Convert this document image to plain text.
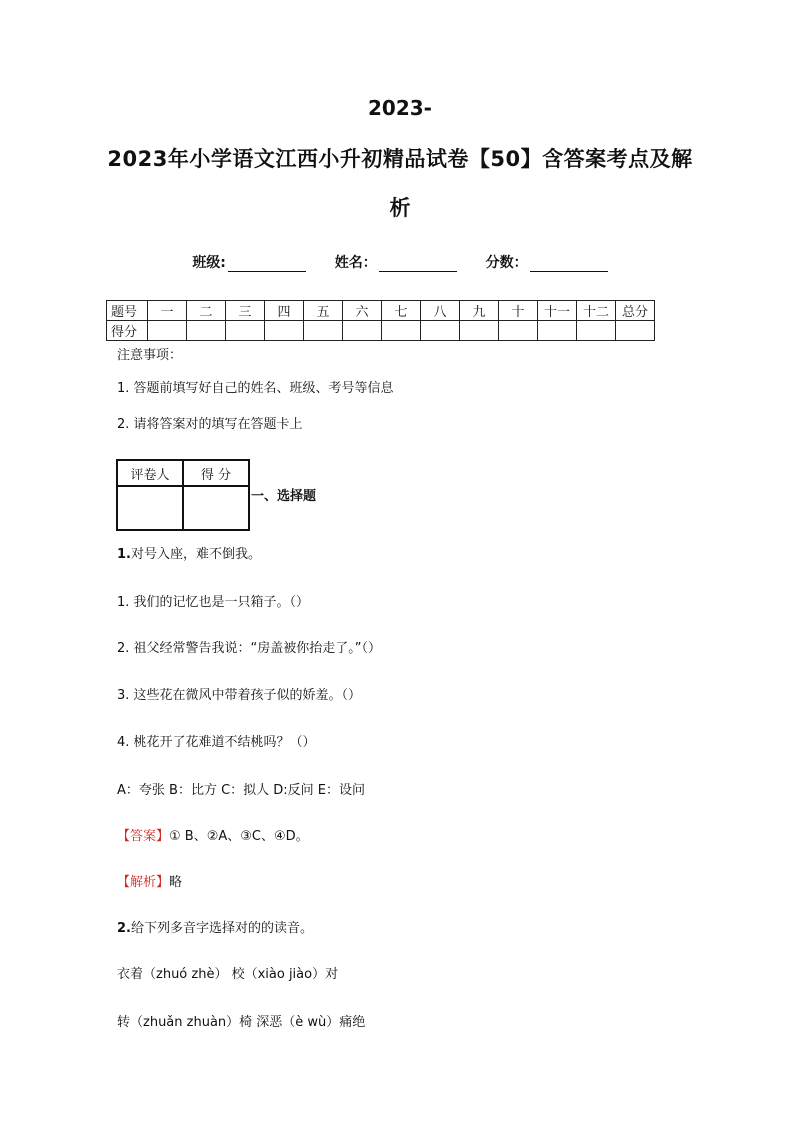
2023-
2023年小学语文江西小升初精品试卷【50】含答案考点及解
析
班级:	姓名：	分数：
题号	一	二	三	四	五	六	七	八	九	十	十一	十二	总分
得分													
注意事项：
1. 答题前填写好自己的姓名、班级、考号等信息
2. 请将答案对的填写在答题卡上
评卷人	得 分

一、选择题
1.对号入座，难不倒我。
1. 我们的记忆也是一只箱子。（）
2. 祖父经常警告我说：“房盖被你抬走了。”（）
3. 这些花在微风中带着孩子似的娇羞。（）
4. 桃花开了花难道不结桃吗？（）
A：夸张 B：比方 C：拟人 D:反问 E：设问
【答案】① B、②A、③C、④D。
【解析】略
2.给下列多音字选择对的的读音。
衣着（zhuó zhè） 校（xiào jiào）对
转（zhuǎn zhuàn）椅 深恶（è wù）痛绝
